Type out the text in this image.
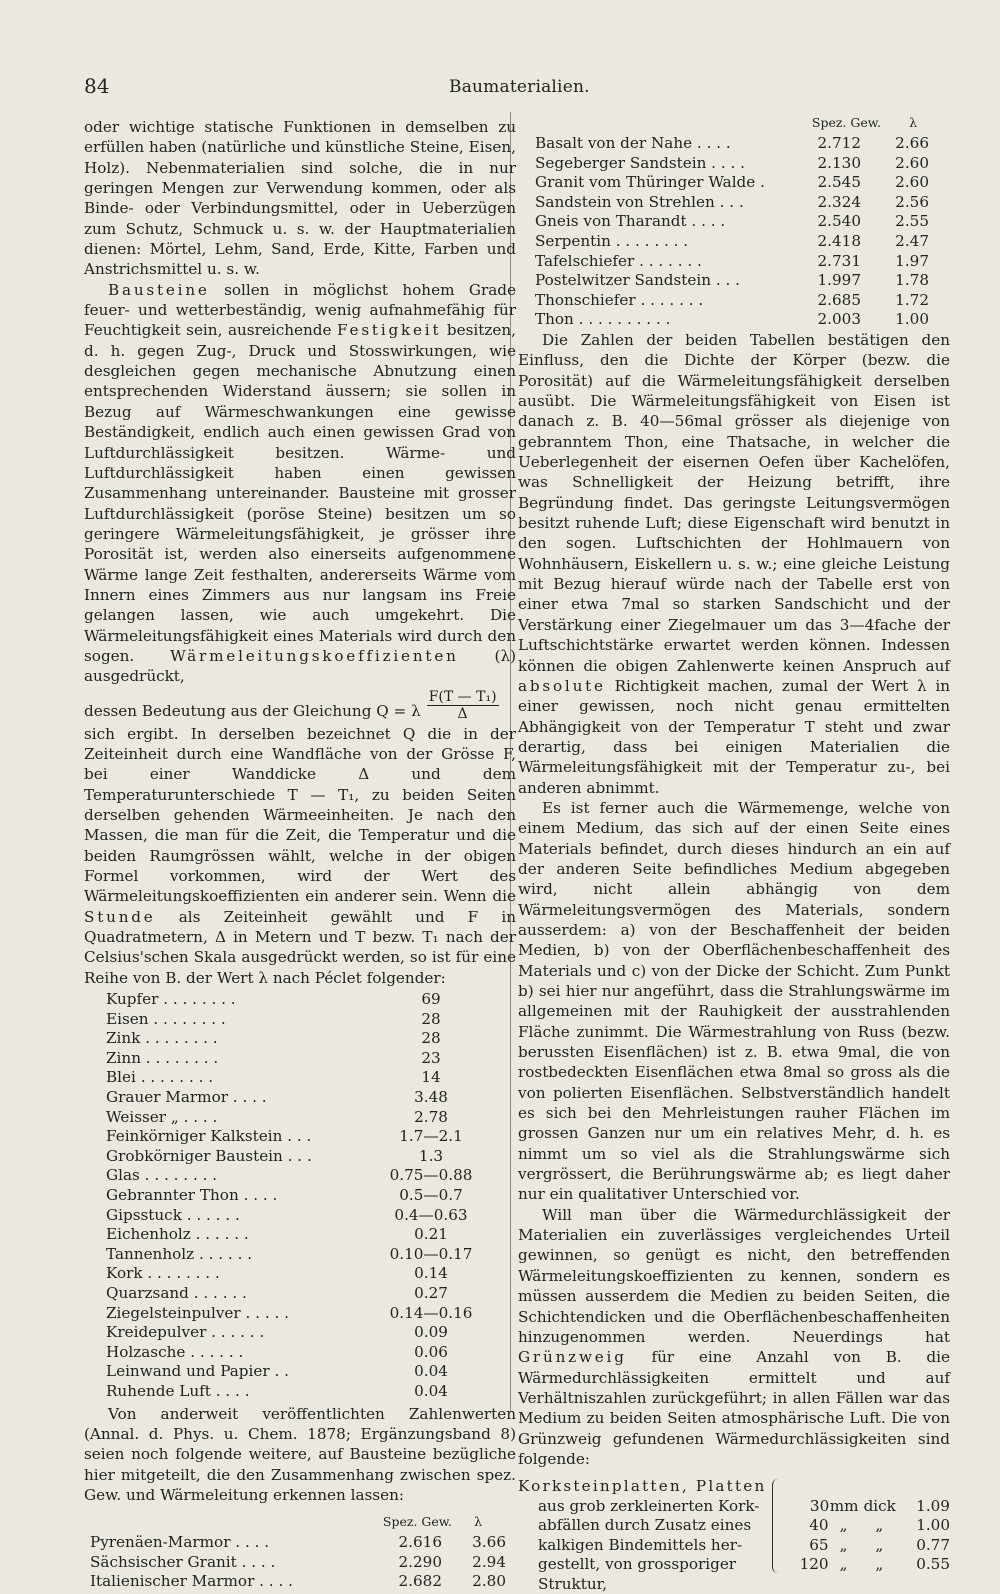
84	Baumaterialien.

oder wichtige statische Funktionen in demselben zu erfüllen haben (natürliche und künstliche Steine, Eisen, Holz). Nebenmaterialien sind solche, die in nur geringen Mengen zur Verwendung kommen, oder als Binde- oder Verbindungsmittel, oder in Ueberzügen zum Schutz, Schmuck u. s. w. der Hauptmaterialien dienen: Mörtel, Lehm, Sand, Erde, Kitte, Farben und Anstrichsmittel u. s. w.

Bausteine sollen in möglichst hohem Grade feuer- und wetterbeständig, wenig aufnahmefähig für Feuchtigkeit sein, ausreichende Festigkeit besitzen, d. h. gegen Zug-, Druck und Stosswirkungen, wie desgleichen gegen mechanische Abnutzung einen entsprechenden Widerstand äussern; sie sollen in Bezug auf Wärmeschwankungen eine gewisse Beständigkeit, endlich auch einen gewissen Grad von Luftdurchlässigkeit besitzen. Wärme- und Luftdurchlässigkeit haben einen gewissen Zusammenhang untereinander. Bausteine mit grosser Luftdurchlässigkeit (poröse Steine) besitzen um so geringere Wärmeleitungsfähigkeit, je grösser ihre Porosität ist, werden also einerseits aufgenommene Wärme lange Zeit festhalten, andererseits Wärme vom Innern eines Zimmers aus nur langsam ins Freie gelangen lassen, wie auch umgekehrt. Die Wärmeleitungsfähigkeit eines Materials wird durch den sogen. Wärmeleitungskoeffizienten (λ) ausgedrückt,

dessen Bedeutung aus der Gleichung Q = λ $\frac{\text{F(T — T₁)}}{\Delta}$

sich ergibt. In derselben bezeichnet Q die in der Zeiteinheit durch eine Wandfläche von der Grösse F, bei einer Wanddicke Δ und dem Temperaturunterschiede T — T₁, zu beiden Seiten derselben gehenden Wärmeeinheiten. Je nach den Massen, die man für die Zeit, die Temperatur und die beiden Raumgrössen wählt, welche in der obigen Formel vorkommen, wird der Wert des Wärmeleitungskoeffizienten ein anderer sein. Wenn die Stunde als Zeiteinheit gewählt und F in Quadratmetern, Δ in Metern und T bezw. T₁ nach der Celsius'schen Skala ausgedrückt werden, so ist für eine Reihe von B. der Wert λ nach Péclet folgender:

Kupfer . . . . . . . .	69
Eisen . . . . . . . .	28
Zink . . . . . . . .	28
Zinn . . . . . . . .	23
Blei . . . . . . . .	14
Grauer Marmor . . . .	3.48
Weisser „ . . . .	2.78
Feinkörniger Kalkstein . . .	1.7—2.1
Grobkörniger Baustein . . .	1.3
Glas . . . . . . . .	0.75—0.88
Gebrannter Thon . . . .	0.5—0.7
Gipsstuck . . . . . .	0.4—0.63
Eichenholz . . . . . .	0.21
Tannenholz . . . . . .	0.10—0.17
Kork . . . . . . . .	0.14
Quarzsand . . . . . .	0.27
Ziegelsteinpulver . . . . .	0.14—0.16
Kreidepulver . . . . . .	0.09
Holzasche . . . . . .	0.06
Leinwand und Papier . .	0.04
Ruhende Luft . . . .	0.04

Von anderweit veröffentlichten Zahlenwerten (Annal. d. Phys. u. Chem. 1878; Ergänzungsband 8) seien noch folgende weitere, auf Bausteine bezügliche hier mitgeteilt, die den Zusammenhang zwischen spez. Gew. und Wärmeleitung erkennen lassen:

Spez. Gew.	λ
Pyrenäen-Marmor . . . .	2.616	3.66
Sächsischer Granit . . . .	2.290	2.94
Italienischer Marmor . . . .	2.682	2.80
Spez. Gew.	λ
Basalt von der Nahe . . . .	2.712	2.66
Segeberger Sandstein . . . .	2.130	2.60
Granit vom Thüringer Walde .	2.545	2.60
Sandstein von Strehlen . . .	2.324	2.56
Gneis von Tharandt . . . .	2.540	2.55
Serpentin . . . . . . . .	2.418	2.47
Tafelschiefer . . . . . . .	2.731	1.97
Postelwitzer Sandstein . . .	1.997	1.78
Thonschiefer . . . . . . .	2.685	1.72
Thon . . . . . . . . . .	2.003	1.00

Die Zahlen der beiden Tabellen bestätigen den Einfluss, den die Dichte der Körper (bezw. die Porosität) auf die Wärmeleitungsfähigkeit derselben ausübt. Die Wärmeleitungsfähigkeit von Eisen ist danach z. B. 40—56mal grösser als diejenige von gebranntem Thon, eine Thatsache, in welcher die Ueberlegenheit der eisernen Oefen über Kachelöfen, was Schnelligkeit der Heizung betrifft, ihre Begründung findet. Das geringste Leitungsvermögen besitzt ruhende Luft; diese Eigenschaft wird benutzt in den sogen. Luftschichten der Hohlmauern von Wohnhäusern, Eiskellern u. s. w.; eine gleiche Leistung mit Bezug hierauf würde nach der Tabelle erst von einer etwa 7mal so starken Sandschicht und der Verstärkung einer Ziegelmauer um das 3—4fache der Luftschichtstärke erwartet werden können. Indessen können die obigen Zahlenwerte keinen Anspruch auf absolute Richtigkeit machen, zumal der Wert λ in einer gewissen, noch nicht genau ermittelten Abhängigkeit von der Temperatur T steht und zwar derartig, dass bei einigen Materialien die Wärmeleitungsfähigkeit mit der Temperatur zu-, bei anderen abnimmt.

Es ist ferner auch die Wärmemenge, welche von einem Medium, das sich auf der einen Seite eines Materials befindet, durch dieses hindurch an ein auf der anderen Seite befindliches Medium abgegeben wird, nicht allein abhängig von dem Wärmeleitungsvermögen des Materials, sondern ausserdem: a) von der Beschaffenheit der beiden Medien, b) von der Oberflächenbeschaffenheit des Materials und c) von der Dicke der Schicht. Zum Punkt b) sei hier nur angeführt, dass die Strahlungswärme im allgemeinen mit der Rauhigkeit der ausstrahlenden Fläche zunimmt. Die Wärmestrahlung von Russ (bezw. berussten Eisenflächen) ist z. B. etwa 9mal, die von rostbedeckten Eisenflächen etwa 8mal so gross als die von polierten Eisenflächen. Selbstverständlich handelt es sich bei den Mehrleistungen rauher Flächen im grossen Ganzen nur um ein relatives Mehr, d. h. es nimmt um so viel als die Strahlungswärme sich vergrössert, die Berührungswärme ab; es liegt daher nur ein qualitativer Unterschied vor.

Will man über die Wärmedurchlässigkeit der Materialien ein zuverlässiges vergleichendes Urteil gewinnen, so genügt es nicht, den betreffenden Wärmeleitungskoeffizienten zu kennen, sondern es müssen ausserdem die Medien zu beiden Seiten, die Schichtendicken und die Oberflächenbeschaffenheiten hinzugenommen werden. Neuerdings hat Grünzweig für eine Anzahl von B. die Wärmedurchlässigkeiten ermittelt und auf Verhältniszahlen zurückgeführt; in allen Fällen war das Medium zu beiden Seiten atmosphärische Luft. Die von Grünzweig gefundenen Wärmedurchlässigkeiten sind folgende:

Korksteinplatten, Platten
aus grob zerkleinerten Kork-	30 mm dick	1.09
abfällen durch Zusatz eines	40 „	„	1.00
kalkigen Bindemittels her-	65 „	„	0.77
gestellt, von grossporiger	120 „	„	0.55
Struktur,
